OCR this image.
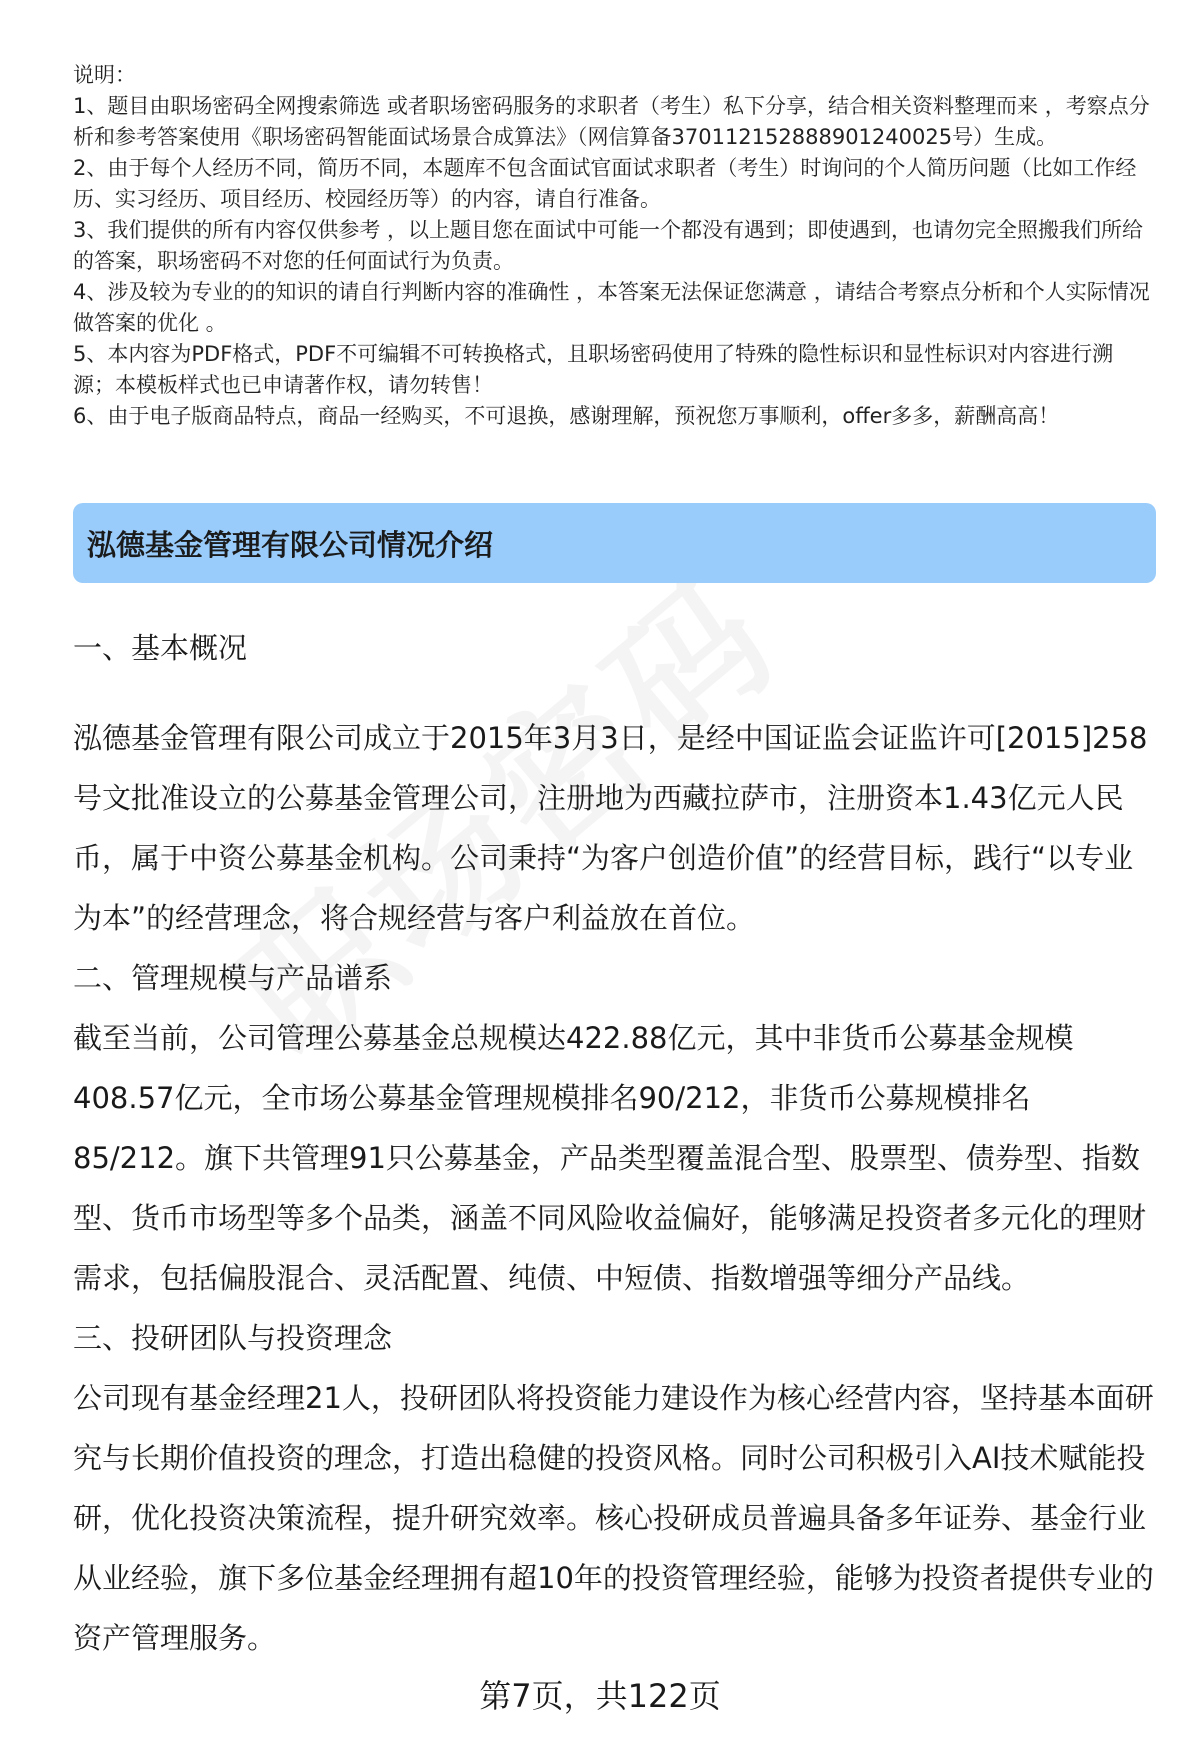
说明：

1、题目由职场密码全网搜索筛选 或者职场密码服务的求职者（考生）私下分享，结合相关资料整理而来 ，考察点分析和参考答案使用《职场密码智能面试场景合成算法》（网信算备370112152888901240025号）生成。

2、由于每个人经历不同，简历不同，本题库不包含面试官面试求职者（考生）时询问的个人简历问题（比如工作经历、实习经历、项目经历、校园经历等）的内容，请自行准备。

3、我们提供的所有内容仅供参考 ，以上题目您在面试中可能一个都没有遇到；即使遇到，也请勿完全照搬我们所给的答案，职场密码不对您的任何面试行为负责。

4、涉及较为专业的的知识的请自行判断内容的准确性 ，本答案无法保证您满意 ，请结合考察点分析和个人实际情况做答案的优化 。

5、本内容为PDF格式，PDF不可编辑不可转换格式，且职场密码使用了特殊的隐性标识和显性标识对内容进行溯源；本模板样式也已申请著作权，请勿转售！

6、由于电子版商品特点，商品一经购买，不可退换，感谢理解，预祝您万事顺利，offer多多，薪酬高高！

泓德基金管理有限公司情况介绍

一、基本概况

泓德基金管理有限公司成立于2015年3月3日，是经中国证监会证监许可[2015]258号文批准设立的公募基金管理公司，注册地为西藏拉萨市，注册资本1.43亿元人民币，属于中资公募基金机构。公司秉持“为客户创造价值”的经营目标，践行“以专业为本”的经营理念，将合规经营与客户利益放在首位。

二、管理规模与产品谱系

截至当前，公司管理公募基金总规模达422.88亿元，其中非货币公募基金规模408.57亿元，全市场公募基金管理规模排名90/212，非货币公募规模排名85/212。旗下共管理91只公募基金，产品类型覆盖混合型、股票型、债券型、指数型、货币市场型等多个品类，涵盖不同风险收益偏好，能够满足投资者多元化的理财需求，包括偏股混合、灵活配置、纯债、中短债、指数增强等细分产品线。

三、投研团队与投资理念

公司现有基金经理21人，投研团队将投资能力建设作为核心经营内容，坚持基本面研究与长期价值投资的理念，打造出稳健的投资风格。同时公司积极引入AI技术赋能投研，优化投资决策流程，提升研究效率。核心投研成员普遍具备多年证券、基金行业从业经验，旗下多位基金经理拥有超10年的投资管理经验，能够为投资者提供专业的资产管理服务。

第7页，共122页
